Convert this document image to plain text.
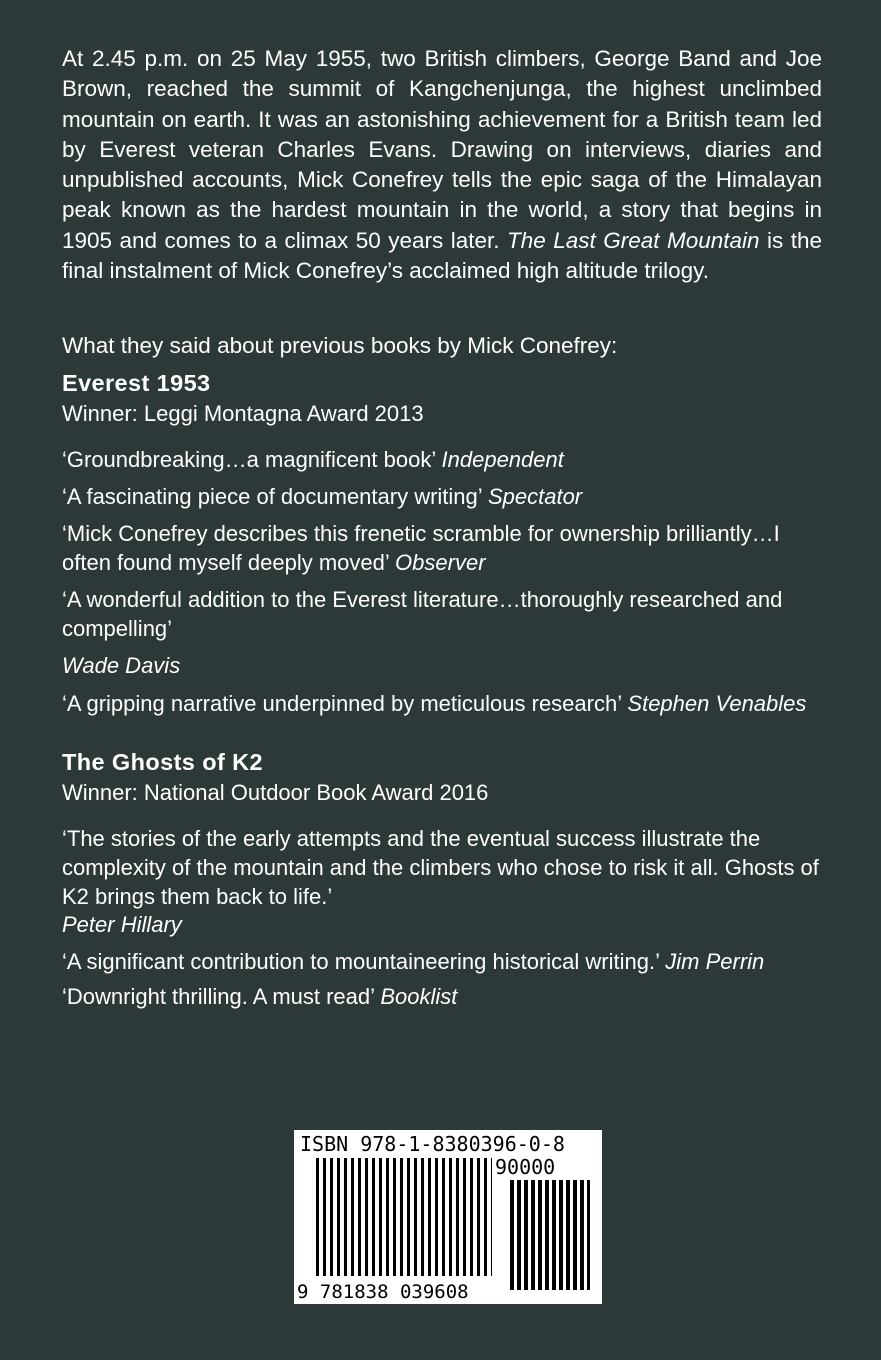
At 2.45 p.m. on 25 May 1955, two British climbers, George Band and Joe Brown, reached the summit of Kangchenjunga, the highest unclimbed mountain on earth. It was an astonishing achievement for a British team led by Everest veteran Charles Evans. Drawing on interviews, diaries and unpublished accounts, Mick Conefrey tells the epic saga of the Himalayan peak known as the hardest mountain in the world, a story that begins in 1905 and comes to a climax 50 years later. The Last Great Mountain is the final instalment of Mick Conefrey’s acclaimed high altitude trilogy.

What they said about previous books by Mick Conefrey:

Everest 1953

Winner: Leggi Montagna Award 2013

‘Groundbreaking…a magnificent book’ Independent

‘A fascinating piece of documentary writing’ Spectator

‘Mick Conefrey describes this frenetic scramble for ownership brilliantly…I often found myself deeply moved’ Observer

‘A wonderful addition to the Everest literature…thoroughly researched and compelling’

Wade Davis

‘A gripping narrative underpinned by meticulous research’ Stephen Venables

The Ghosts of K2

Winner: National Outdoor Book Award 2016

‘The stories of the early attempts and the eventual success illustrate the complexity of the mountain and the climbers who chose to risk it all. Ghosts of K2 brings them back to life.’

Peter Hillary

‘A significant contribution to mountaineering historical writing.’ Jim Perrin

‘Downright thrilling. A must read’ Booklist

ISBN 978-1-8380396-0-8
90000
9 781838 039608
